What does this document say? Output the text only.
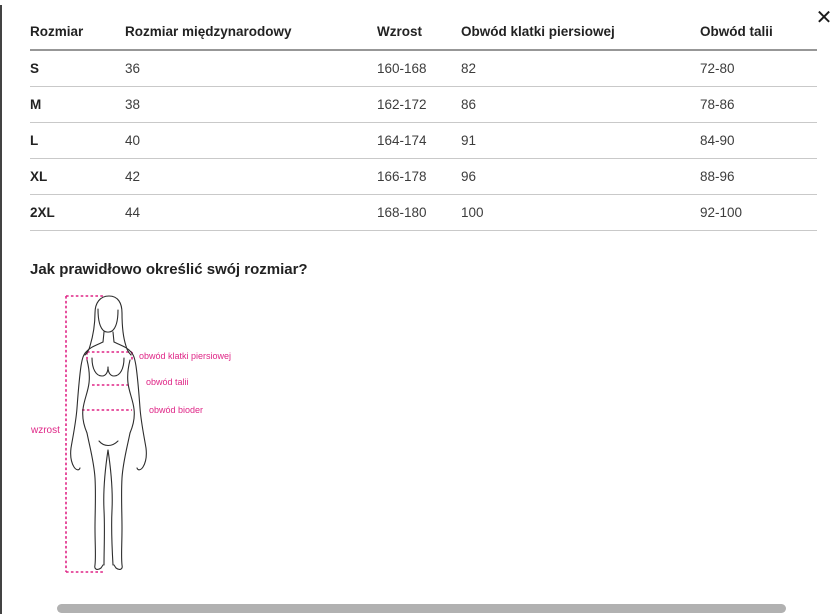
✕
Rozmiar	Rozmiar międzynarodowy	Wzrost	Obwód klatki piersiowej	Obwód talii
S	36	160-168	82	72-80
M	38	162-172	86	78-86
L	40	164-174	91	84-90
XL	42	166-178	96	88-96
2XL	44	168-180	100	92-100
Jak prawidłowo określić swój rozmiar?
obwód klatki piersiowej
obwód talii
obwód bioder
wzrost
